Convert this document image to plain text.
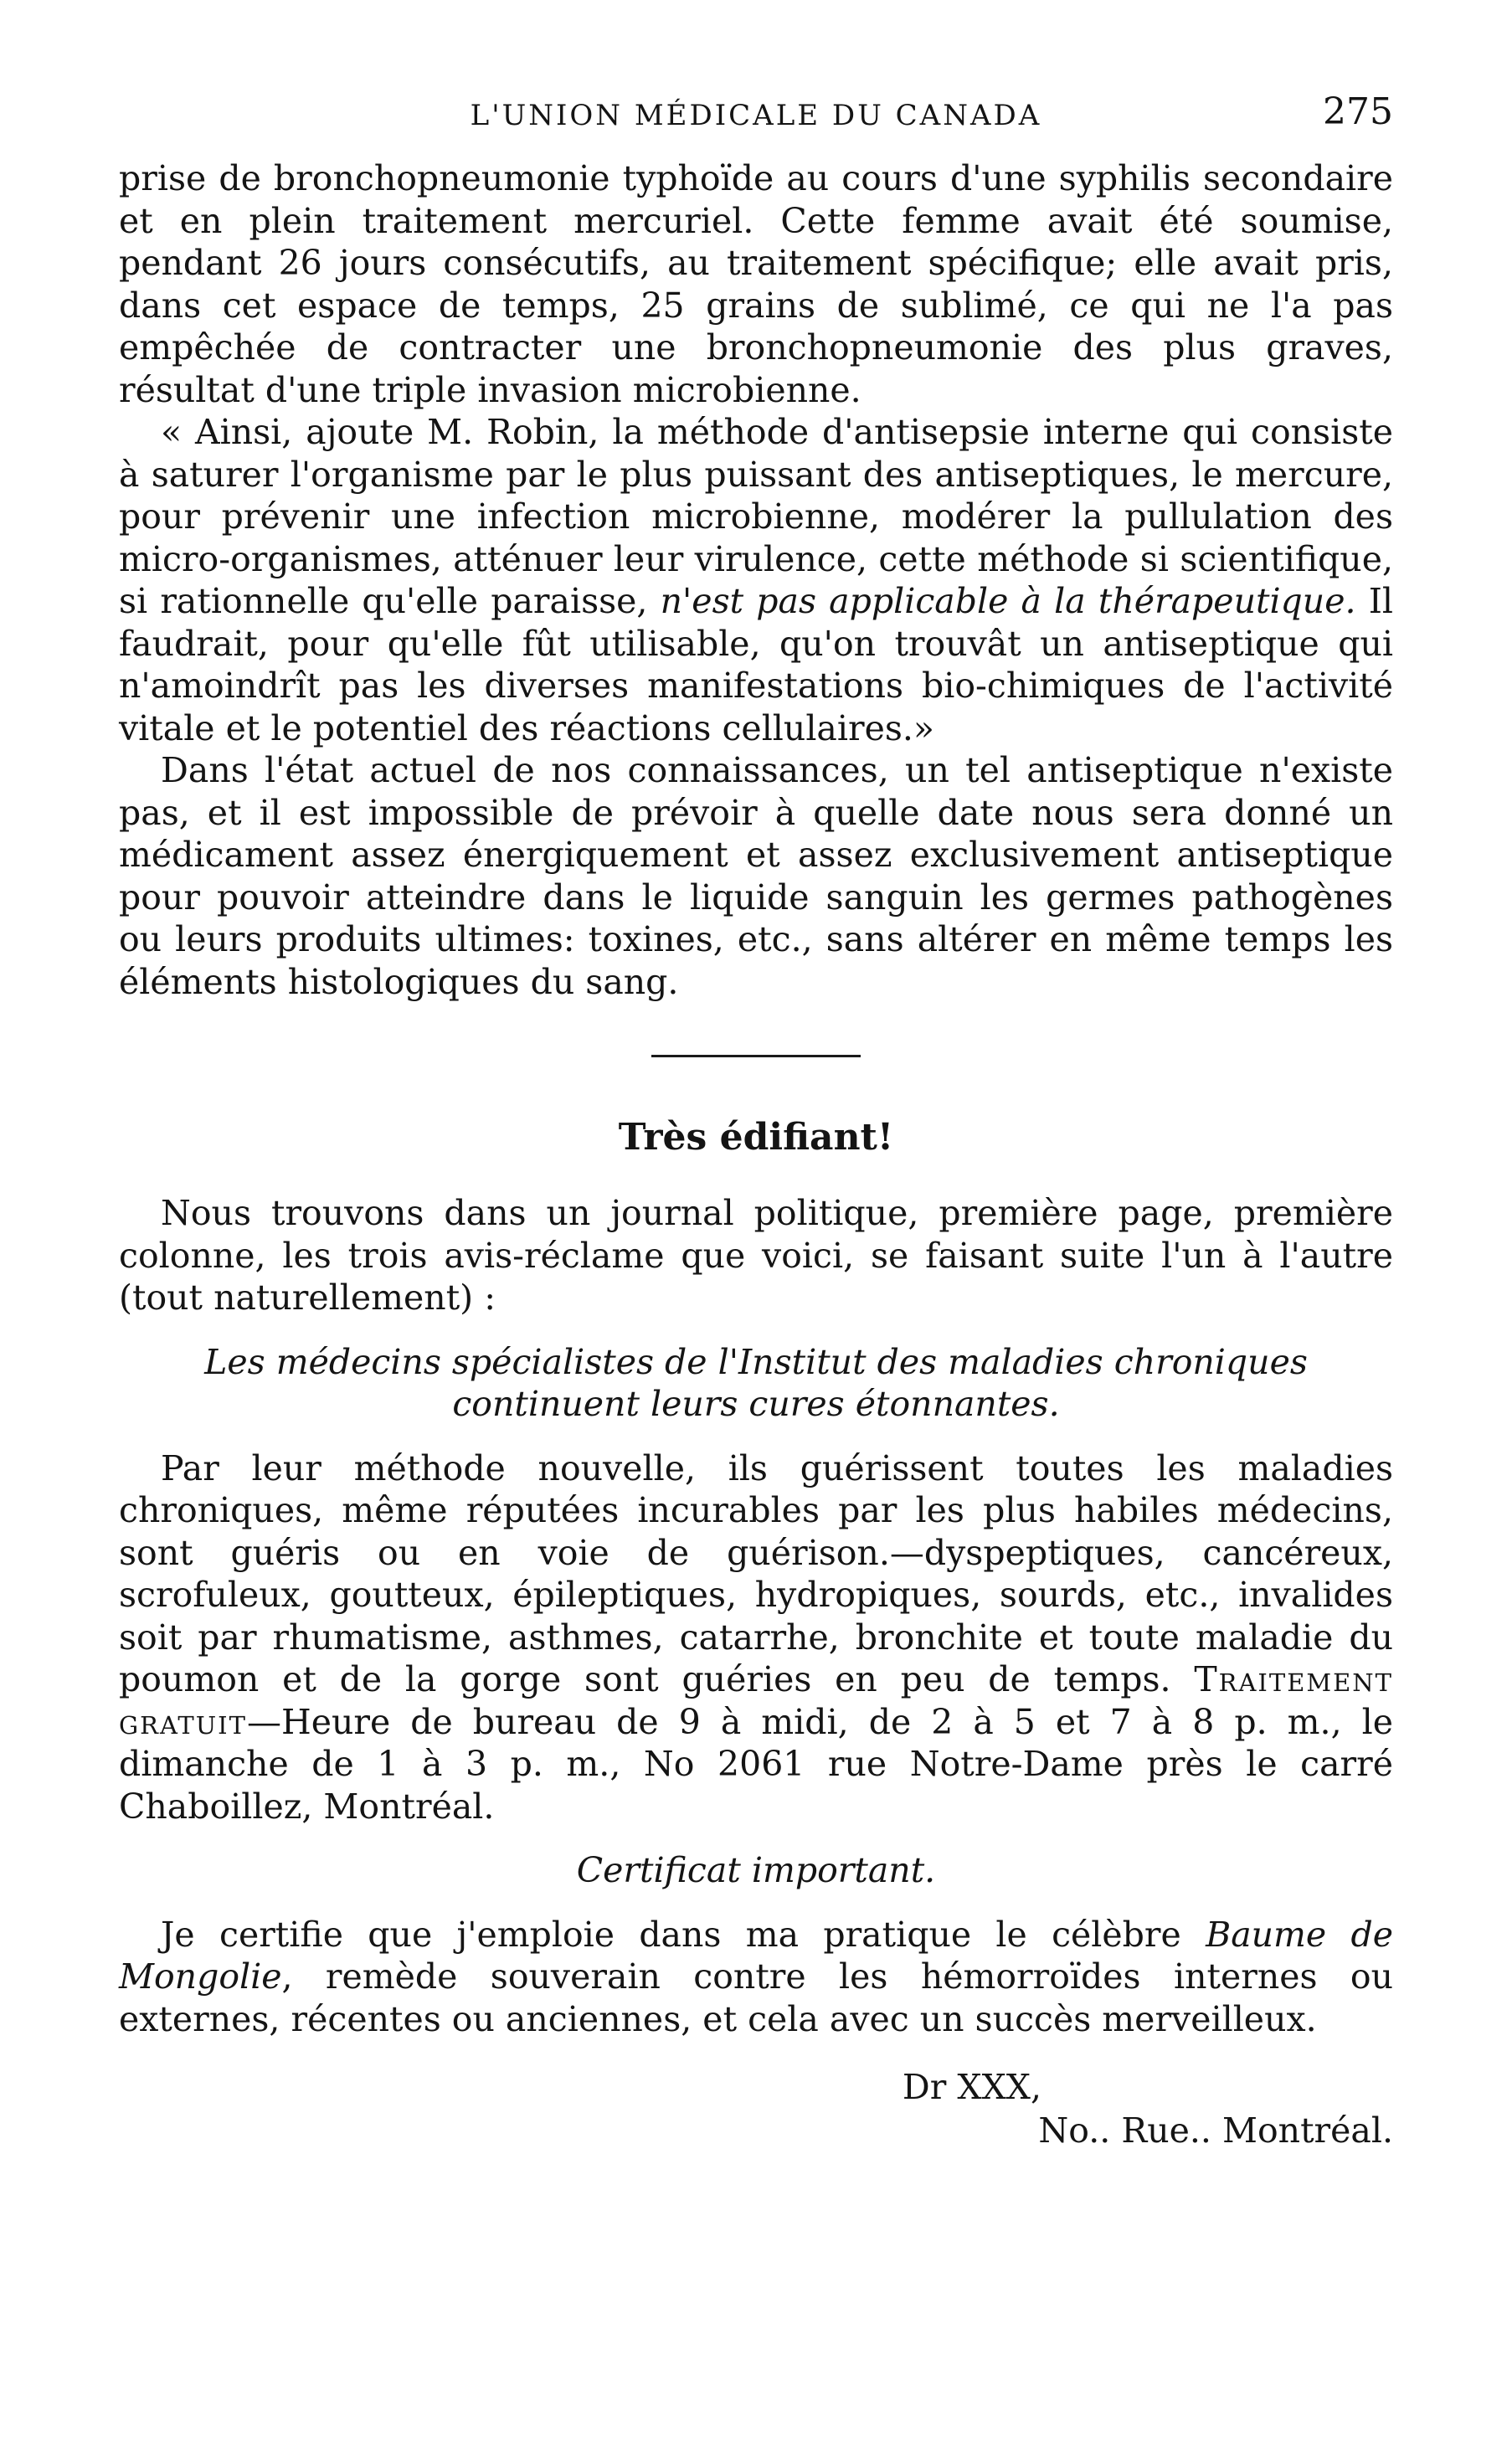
L'UNION MÉDICALE DU CANADA	275

prise de bronchopneumonie typhoïde au cours d'une syphilis secondaire et en plein traitement mercuriel. Cette femme avait été soumise, pendant 26 jours consécutifs, au traitement spécifique; elle avait pris, dans cet espace de temps, 25 grains de sublimé, ce qui ne l'a pas empêchée de contracter une bronchopneumonie des plus graves, résultat d'une triple invasion microbienne.

« Ainsi, ajoute M. Robin, la méthode d'antisepsie interne qui consiste à saturer l'organisme par le plus puissant des antiseptiques, le mercure, pour prévenir une infection microbienne, modérer la pullulation des micro-organismes, atténuer leur virulence, cette méthode si scientifique, si rationnelle qu'elle paraisse, n'est pas applicable à la thérapeutique. Il faudrait, pour qu'elle fût utilisable, qu'on trouvât un antiseptique qui n'amoindrît pas les diverses manifestations bio-chimiques de l'activité vitale et le potentiel des réactions cellulaires.»

Dans l'état actuel de nos connaissances, un tel antiseptique n'existe pas, et il est impossible de prévoir à quelle date nous sera donné un médicament assez énergiquement et assez exclusivement antiseptique pour pouvoir atteindre dans le liquide sanguin les germes pathogènes ou leurs produits ultimes: toxines, etc., sans altérer en même temps les éléments histologiques du sang.

Très édifiant!

Nous trouvons dans un journal politique, première page, première colonne, les trois avis-réclame que voici, se faisant suite l'un à l'autre (tout naturellement) :

Les médecins spécialistes de l'Institut des maladies chroniques continuent leurs cures étonnantes.

Par leur méthode nouvelle, ils guérissent toutes les maladies chroniques, même réputées incurables par les plus habiles médecins, sont guéris ou en voie de guérison.—dyspeptiques, cancéreux, scrofuleux, goutteux, épileptiques, hydropiques, sourds, etc., invalides soit par rhumatisme, asthmes, catarrhe, bronchite et toute maladie du poumon et de la gorge sont guéries en peu de temps. Traitement gratuit—Heure de bureau de 9 à midi, de 2 à 5 et 7 à 8 p. m., le dimanche de 1 à 3 p. m., No 2061 rue Notre-Dame près le carré Chaboillez, Montréal.

Certificat important.

Je certifie que j'emploie dans ma pratique le célèbre Baume de Mongolie, remède souverain contre les hémorroïdes internes ou externes, récentes ou anciennes, et cela avec un succès merveilleux.

Dr XXX,
No.. Rue.. Montréal.
